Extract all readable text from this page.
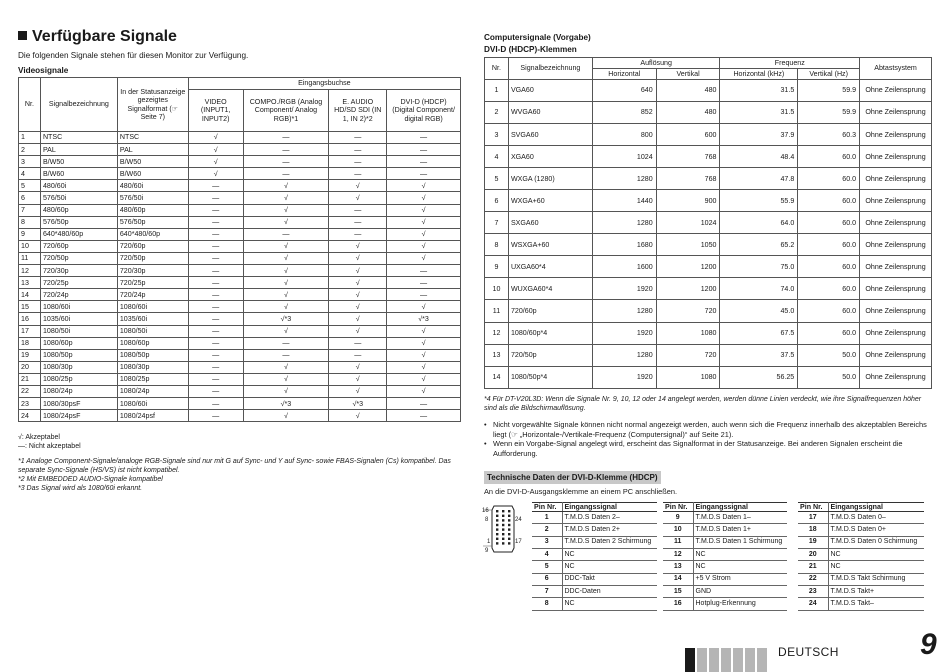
Verfügbare Signale
Die folgenden Signale stehen für diesen Monitor zur Verfügung.
Videosignale
Nr.	Signalbezeichnung	In der Statusanzeige gezeigtes Signalformat (☞ Seite 7)	Eingangsbuchse			
			VIDEO (INPUT1, INPUT2)	COMPO./RGB (Analog Component/ Analog RGB)*1	E. AUDIO HD/SD SDI (IN 1, IN 2)*2	DVI-D (HDCP) (Digital Component/ digital RGB)
1	NTSC	NTSC	√	—	—	—
2	PAL	PAL	√	—	—	—
3	B/W50	B/W50	√	—	—	—
4	B/W60	B/W60	√	—	—	—
5	480/60i	480/60i	—	√	√	√
6	576/50i	576/50i	—	√	√	√
7	480/60p	480/60p	—	√	—	√
8	576/50p	576/50p	—	√	—	√
9	640*480/60p	640*480/60p	—	—	—	√
10	720/60p	720/60p	—	√	√	√
11	720/50p	720/50p	—	√	√	√
12	720/30p	720/30p	—	√	√	—
13	720/25p	720/25p	—	√	√	—
14	720/24p	720/24p	—	√	√	—
15	1080/60i	1080/60i	—	√	√	√
16	1035/60i	1035/60i	—	√*3	√	√*3
17	1080/50i	1080/50i	—	√	√	√
18	1080/60p	1080/60p	—	—	—	√
19	1080/50p	1080/50p	—	—	—	√
20	1080/30p	1080/30p	—	√	√	√
21	1080/25p	1080/25p	—	√	√	√
22	1080/24p	1080/24p	—	√	√	√
23	1080/30psF	1080/60i	—	√*3	√*3	—
24	1080/24psF	1080/24psf	—	√	√	—
√: Akzeptabel
—: Nicht akzeptabel
*1 Analoge Component-Signale/analoge RGB-Signale sind nur mit G auf Sync- und Y auf Sync- sowie FBAS-Signalen (Cs) kompatibel. Das separate Sync-Signale (HS/VS) ist nicht kompatibel.
*2 Mit EMBEDDED AUDIO-Signale kompatibel
*3 Das Signal wird als 1080/60i erkannt.
Computersignale (Vorgabe)
DVI-D (HDCP)-Klemmen
Nr.	Signalbezeichnung	Auflösung		Frequenz		Abtastsystem
		Horizontal	Vertikal	Horizontal (kHz)	Vertikal (Hz)	
1	VGA60	640	480	31.5	59.9	Ohne Zeilensprung
2	WVGA60	852	480	31.5	59.9	Ohne Zeilensprung
3	SVGA60	800	600	37.9	60.3	Ohne Zeilensprung
4	XGA60	1024	768	48.4	60.0	Ohne Zeilensprung
5	WXGA (1280)	1280	768	47.8	60.0	Ohne Zeilensprung
6	WXGA+60	1440	900	55.9	60.0	Ohne Zeilensprung
7	SXGA60	1280	1024	64.0	60.0	Ohne Zeilensprung
8	WSXGA+60	1680	1050	65.2	60.0	Ohne Zeilensprung
9	UXGA60*4	1600	1200	75.0	60.0	Ohne Zeilensprung
10	WUXGA60*4	1920	1200	74.0	60.0	Ohne Zeilensprung
11	720/60p	1280	720	45.0	60.0	Ohne Zeilensprung
12	1080/60p*4	1920	1080	67.5	60.0	Ohne Zeilensprung
13	720/50p	1280	720	37.5	50.0	Ohne Zeilensprung
14	1080/50p*4	1920	1080	56.25	50.0	Ohne Zeilensprung
*4 Für DT-V20L3D: Wenn die Signale Nr. 9, 10, 12 oder 14 angelegt werden, werden dünne Linien verdeckt, wie ihre Signalfrequenzen höher sind als die Bildschirmauflösung.
• Nicht vorgewählte Signale können nicht normal angezeigt werden, auch wenn sich die Frequenz innerhalb des akzeptablen Bereichs liegt (☞ „Horizontale-/Vertikale-Frequenz (Computersignal)“ auf Seite 21).
• Wenn ein Vorgabe-Signal angelegt wird, erscheint das Signalformat in der Statusanzeige. Bei anderen Signalen erscheint die Aufforderung.
Technische Daten der DVI-D-Klemme (HDCP)
An die DVI-D-Ausgangsklemme an einem PC anschließen.
16
8	24
1	17
9
Pin Nr.	Eingangssignal
1	T.M.D.S Daten 2–
2	T.M.D.S Daten 2+
3	T.M.D.S Daten 2 Schirmung
4	NC
5	NC
6	DDC-Takt
7	DDC-Daten
8	NC
Pin Nr.	Eingangssignal
9	T.M.D.S Daten 1–
10	T.M.D.S Daten 1+
11	T.M.D.S Daten 1 Schirmung
12	NC
13	NC
14	+5 V Strom
15	GND
16	Hotplug-Erkennung
Pin Nr.	Eingangssignal
17	T.M.D.S Daten 0–
18	T.M.D.S Daten 0+
19	T.M.D.S Daten 0 Schirmung
20	NC
21	NC
22	T.M.D.S Takt Schirmung
23	T.M.D.S Takt+
24	T.M.D.S Takt–
DEUTSCH	9
